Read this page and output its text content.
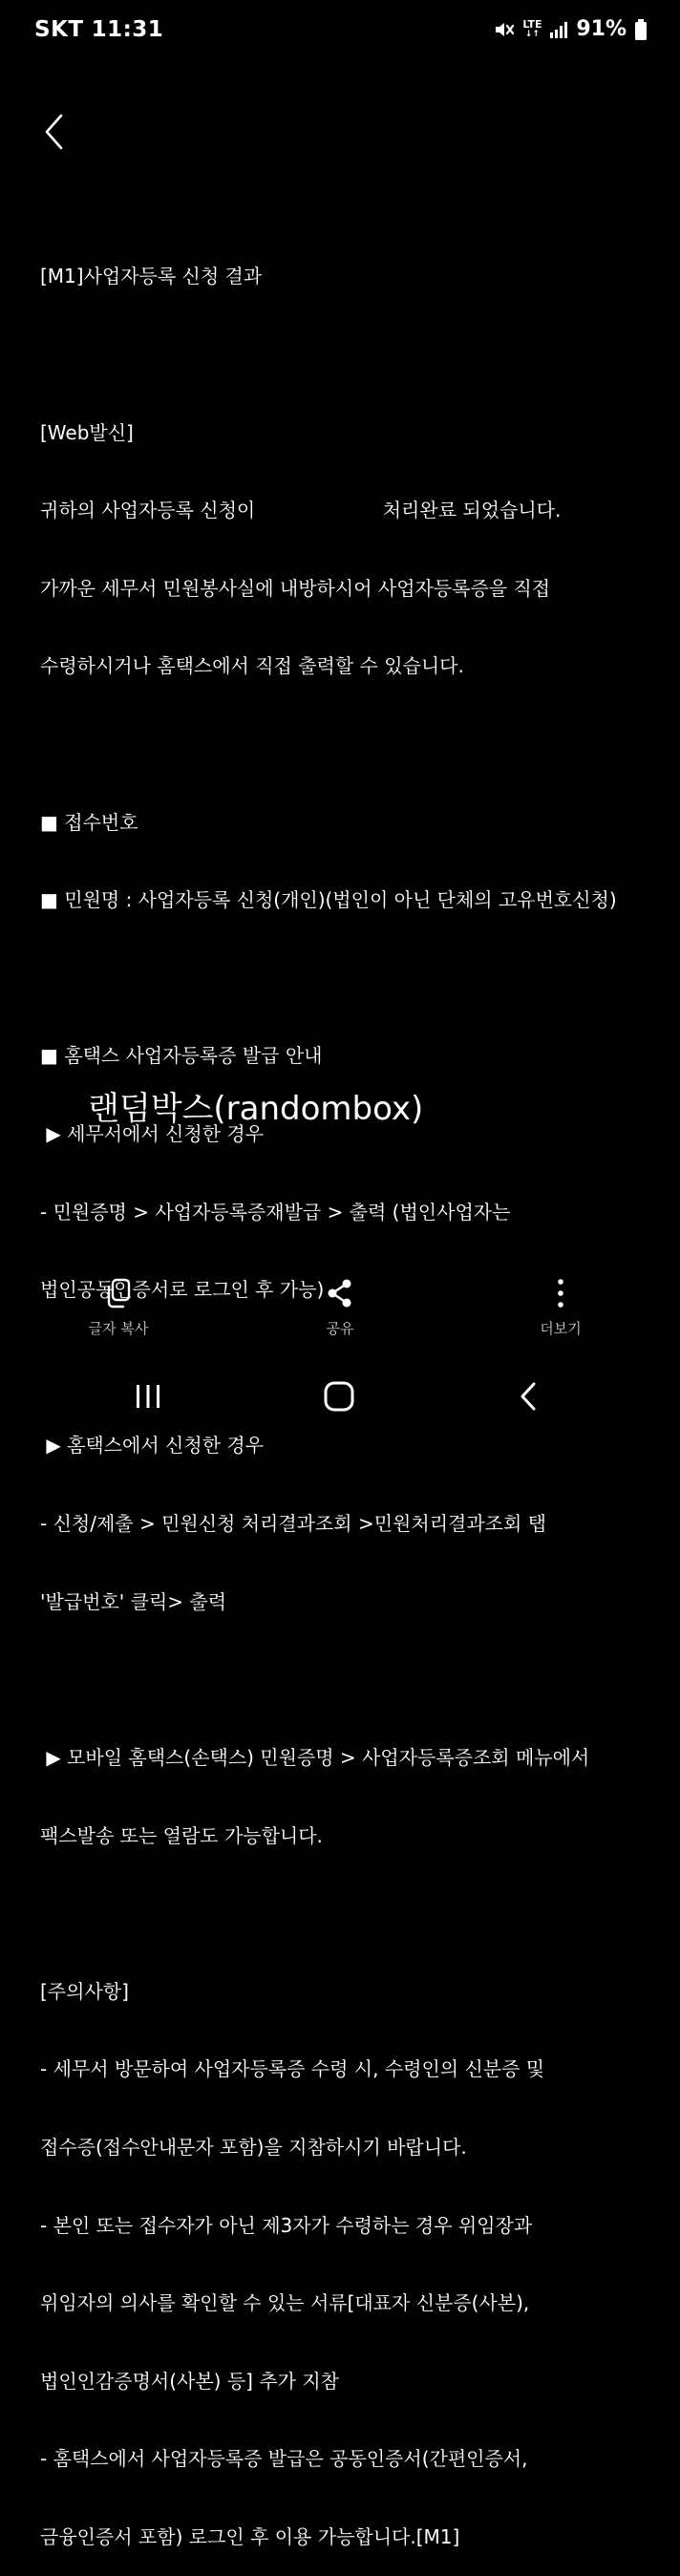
SKT 11:31	LTE
↓↑ 91%

[M1]사업자등록 신청 결과

[Web발신]

귀하의 사업자등록 신청이                     처리완료 되었습니다.

가까운 세무서 민원봉사실에 내방하시어 사업자등록증을 직접

수령하시거나 홈택스에서 직접 출력할 수 있습니다.

■ 접수번호

■ 민원명 : 사업자등록 신청(개인)(법인이 아닌 단체의 고유번호신청)

■ 홈택스 사업자등록증 발급 안내

▶ 세무서에서 신청한 경우

- 민원증명 > 사업자등록증재발급 > 출력 (법인사업자는

법인공동인증서로 로그인 후 가능)

▶ 홈택스에서 신청한 경우

- 신청/제출 > 민원신청 처리결과조회 >민원처리결과조회 탭

'발급번호' 클릭> 출력

▶ 모바일 홈택스(손택스) 민원증명 > 사업자등록증조회 메뉴에서

팩스발송 또는 열람도 가능합니다.

[주의사항]

- 세무서 방문하여 사업자등록증 수령 시, 수령인의 신분증 및

접수증(접수안내문자 포함)을 지참하시기 바랍니다.

- 본인 또는 접수자가 아닌 제3자가 수령하는 경우 위임장과

위임자의 의사를 확인할 수 있는 서류[대표자 신분증(사본),

법인인감증명서(사본) 등] 추가 지참

- 홈택스에서 사업자등록증 발급은 공동인증서(간편인증서,

금융인증서 포함) 로그인 후 이용 가능합니다.[M1]

랜덤박스(randombox)
글자 복사	공유	더보기
